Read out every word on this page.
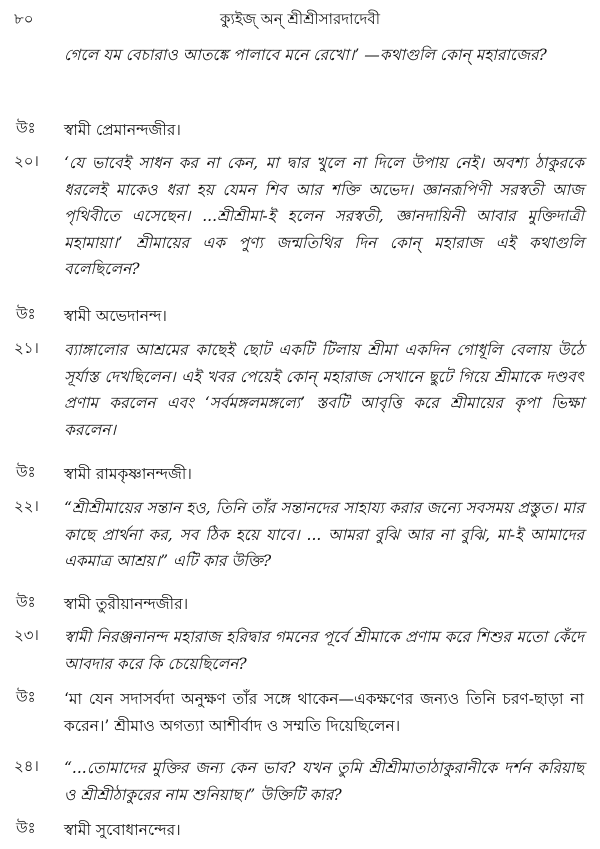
৮০	ক্যুইজ্ অন্ শ্রীশ্রীসারদাদেবী
গেলে যম বেচারাও আতঙ্কে পালাবে মনে রেখো।’ —কথাগুলি কোন্ মহারাজের?
উঃ স্বামী প্রেমানন্দজীর।
২০। ‘যে ভাবেই সাধন কর না কেন, মা দ্বার খুলে না দিলে উপায় নেই। অবশ্য ঠাকুরকে ধরলেই মাকেও ধরা হয় যেমন শিব আর শক্তি অভেদ। জ্ঞানরূপিণী সরস্বতী আজ পৃথিবীতে এসেছেন। ...শ্রীশ্রীমা-ই হলেন সরস্বতী, জ্ঞানদায়িনী আবার মুক্তিদাত্রী মহামায়া।’ শ্রীমায়ের এক পুণ্য জন্মতিথির দিন কোন্ মহারাজ এই কথাগুলি বলেছিলেন?
উঃ স্বামী অভেদানন্দ।
২১। ব্যাঙ্গালোর আশ্রমের কাছেই ছোট একটি টিলায় শ্রীমা একদিন গোধূলি বেলায় উঠে সূর্যাস্ত দেখছিলেন। এই খবর পেয়েই কোন্ মহারাজ সেখানে ছুটে গিয়ে শ্রীমাকে দণ্ডবৎ প্রণাম করলেন এবং ‘সর্বমঙ্গলমঙ্গল্যে’ স্তবটি আবৃত্তি করে শ্রীমায়ের কৃপা ভিক্ষা করলেন।
উঃ স্বামী রামকৃষ্ণানন্দজী।
২২। “শ্রীশ্রীমায়ের সন্তান হও, তিনি তাঁর সন্তানদের সাহায্য করার জন্যে সবসময় প্রস্তুত। মার কাছে প্রার্থনা কর, সব ঠিক হয়ে যাবে। ... আমরা বুঝি আর না বুঝি, মা-ই আমাদের একমাত্র আশ্রয়।” এটি কার উক্তি?
উঃ স্বামী তুরীয়ানন্দজীর।
২৩। স্বামী নিরঞ্জনানন্দ মহারাজ হরিদ্বার গমনের পূর্বে শ্রীমাকে প্রণাম করে শিশুর মতো কেঁদে আবদার করে কি চেয়েছিলেন?
উঃ ‘মা যেন সদাসর্বদা অনুক্ষণ তাঁর সঙ্গে থাকেন—একক্ষণের জন্যও তিনি চরণ-ছাড়া না করেন।’ শ্রীমাও অগত্যা আশীর্বাদ ও সম্মতি দিয়েছিলেন।
২৪। “...তোমাদের মুক্তির জন্য কেন ভাব? যখন তুমি শ্রীশ্রীমাতাঠাকুরানীকে দর্শন করিয়াছ ও শ্রীশ্রীঠাকুরের নাম শুনিয়াছ।” উক্তিটি কার?
উঃ স্বামী সুবোধানন্দের।
